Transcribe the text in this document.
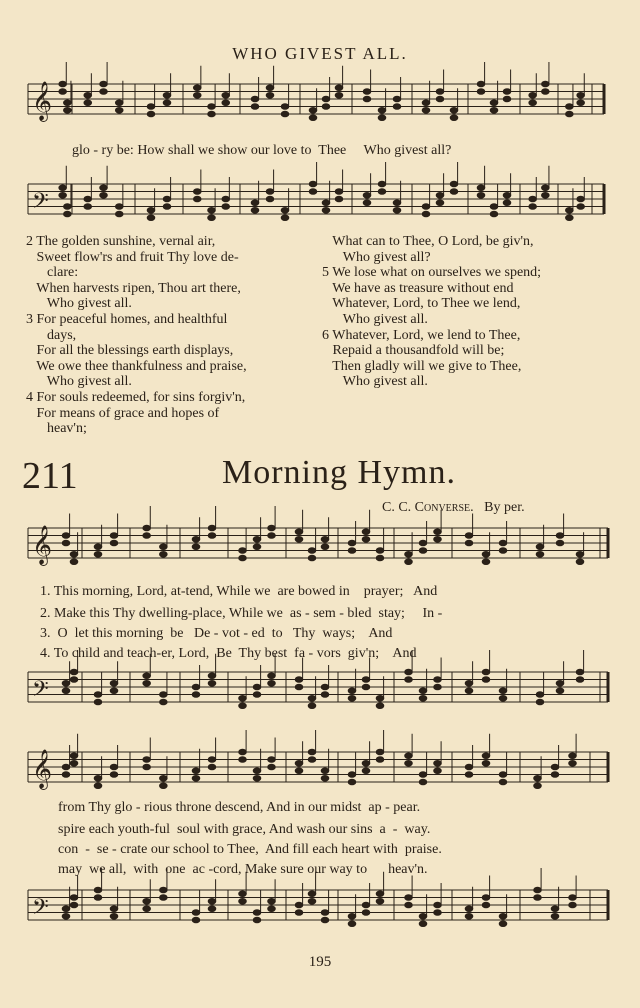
𝄞
𝄢
𝄞
𝄢
𝄞
𝄢
WHO GIVEST ALL.
glo - ry be: How shall we show our love to  Thee     Who givest all?
2 The golden sunshine, vernal air,
Sweet flow'rs and fruit Thy love de-
clare:
When harvests ripen, Thou art there,
Who givest all.
3 For peaceful homes, and healthful
days,
For all the blessings earth displays,
We owe thee thankfulness and praise,
Who givest all.
4 For souls redeemed, for sins forgiv'n,
For means of grace and hopes of
heav'n;
What can to Thee, O Lord, be giv'n,
Who givest all?
5 We lose what on ourselves we spend;
We have as treasure without end
Whatever, Lord, to Thee we lend,
Who givest all.
6 Whatever, Lord, we lend to Thee,
Repaid a thousandfold will be;
Then gladly will we give to Thee,
Who givest all.
211	Morning Hymn.
C. C. Converse. By per.
1. This morning, Lord, at-tend, While we  are bowed in    prayer;   And
2. Make this Thy dwelling-place, While we  as - sem - bled  stay;     In -
3.  O  let this morning  be   De - vot - ed  to   Thy  ways;    And
4. To child and teach-er, Lord,  Be  Thy best  fa - vors  giv'n;    And
from Thy glo - rious throne descend, And in our midst  ap - pear.
spire each youth-ful  soul with grace, And wash our sins  a  -  way.
con  -  se - crate our school to Thee,  And fill each heart with  praise.
may  we all,  with  one  ac -cord, Make sure our way to      heav'n.
195
